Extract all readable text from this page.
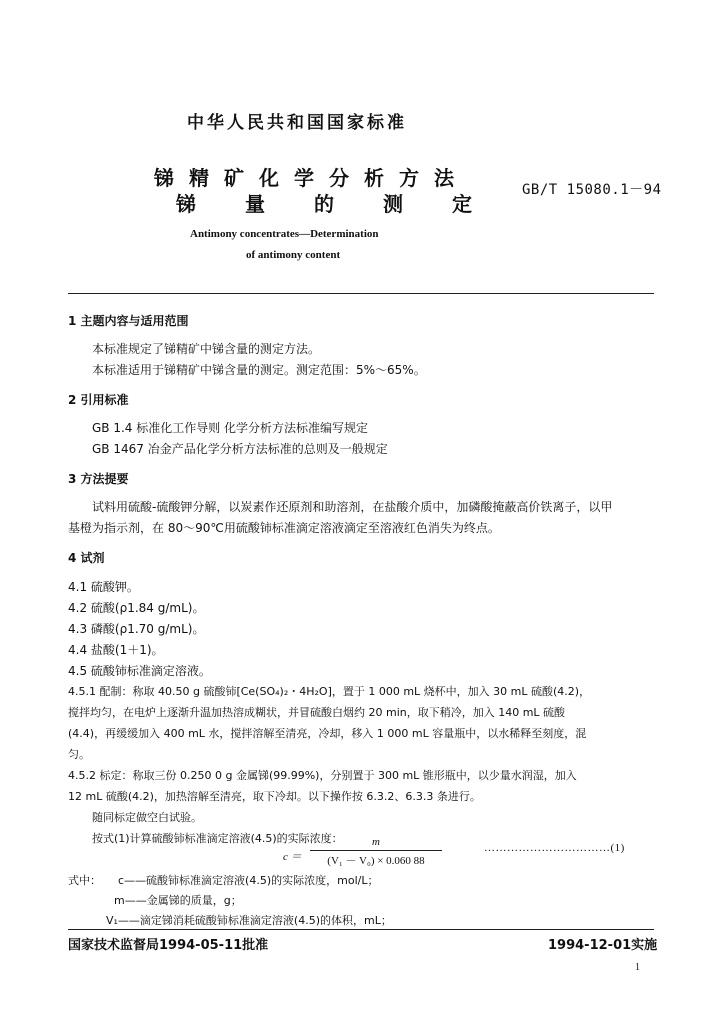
中华人民共和国国家标准
锑精矿化学分析方法
锑量的测定
GB/T 15080.1－94
Antimony concentrates—Determination
of antimony content
1 主题内容与适用范围
本标准规定了锑精矿中锑含量的测定方法。
本标准适用于锑精矿中锑含量的测定。测定范围：5%～65%。
2 引用标准
GB 1.4 标准化工作导则 化学分析方法标准编写规定
GB 1467 冶金产品化学分析方法标准的总则及一般规定
3 方法提要
试料用硫酸-硫酸钾分解，以炭素作还原剂和助溶剂，在盐酸介质中，加磷酸掩蔽高价铁离子，以甲
基橙为指示剂，在 80～90℃用硫酸铈标准滴定溶液滴定至溶液红色消失为终点。
4 试剂
4.1 硫酸钾。
4.2 硫酸(ρ1.84 g/mL)。
4.3 磷酸(ρ1.70 g/mL)。
4.4 盐酸(1＋1)。
4.5 硫酸铈标准滴定溶液。
4.5.1 配制：称取 40.50 g 硫酸铈[Ce(SO₄)₂・4H₂O]，置于 1 000 mL 烧杯中，加入 30 mL 硫酸(4.2)，
搅拌均匀，在电炉上逐渐升温加热溶成糊状，并冒硫酸白烟约 20 min，取下稍冷，加入 140 mL 硫酸
(4.4)，再缓缓加入 400 mL 水，搅拌溶解至清亮，冷却，移入 1 000 mL 容量瓶中，以水稀释至刻度，混
匀。
4.5.2 标定：称取三份 0.250 0 g 金属锑(99.99%)，分别置于 300 mL 锥形瓶中，以少量水润湿，加入
12 mL 硫酸(4.2)，加热溶解至清亮，取下冷却。以下操作按 6.3.2、6.3.3 条进行。
随同标定做空白试验。
按式(1)计算硫酸铈标准滴定溶液(4.5)的实际浓度：
c ＝
m
(V₁ － V₀) × 0.060 88
……………………………(1)
式中： c——硫酸铈标准滴定溶液(4.5)的实际浓度，mol/L；
m——金属锑的质量，g；
V₁——滴定锑消耗硫酸铈标准滴定溶液(4.5)的体积，mL；
国家技术监督局1994-05-11批准	1994-12-01实施
1
